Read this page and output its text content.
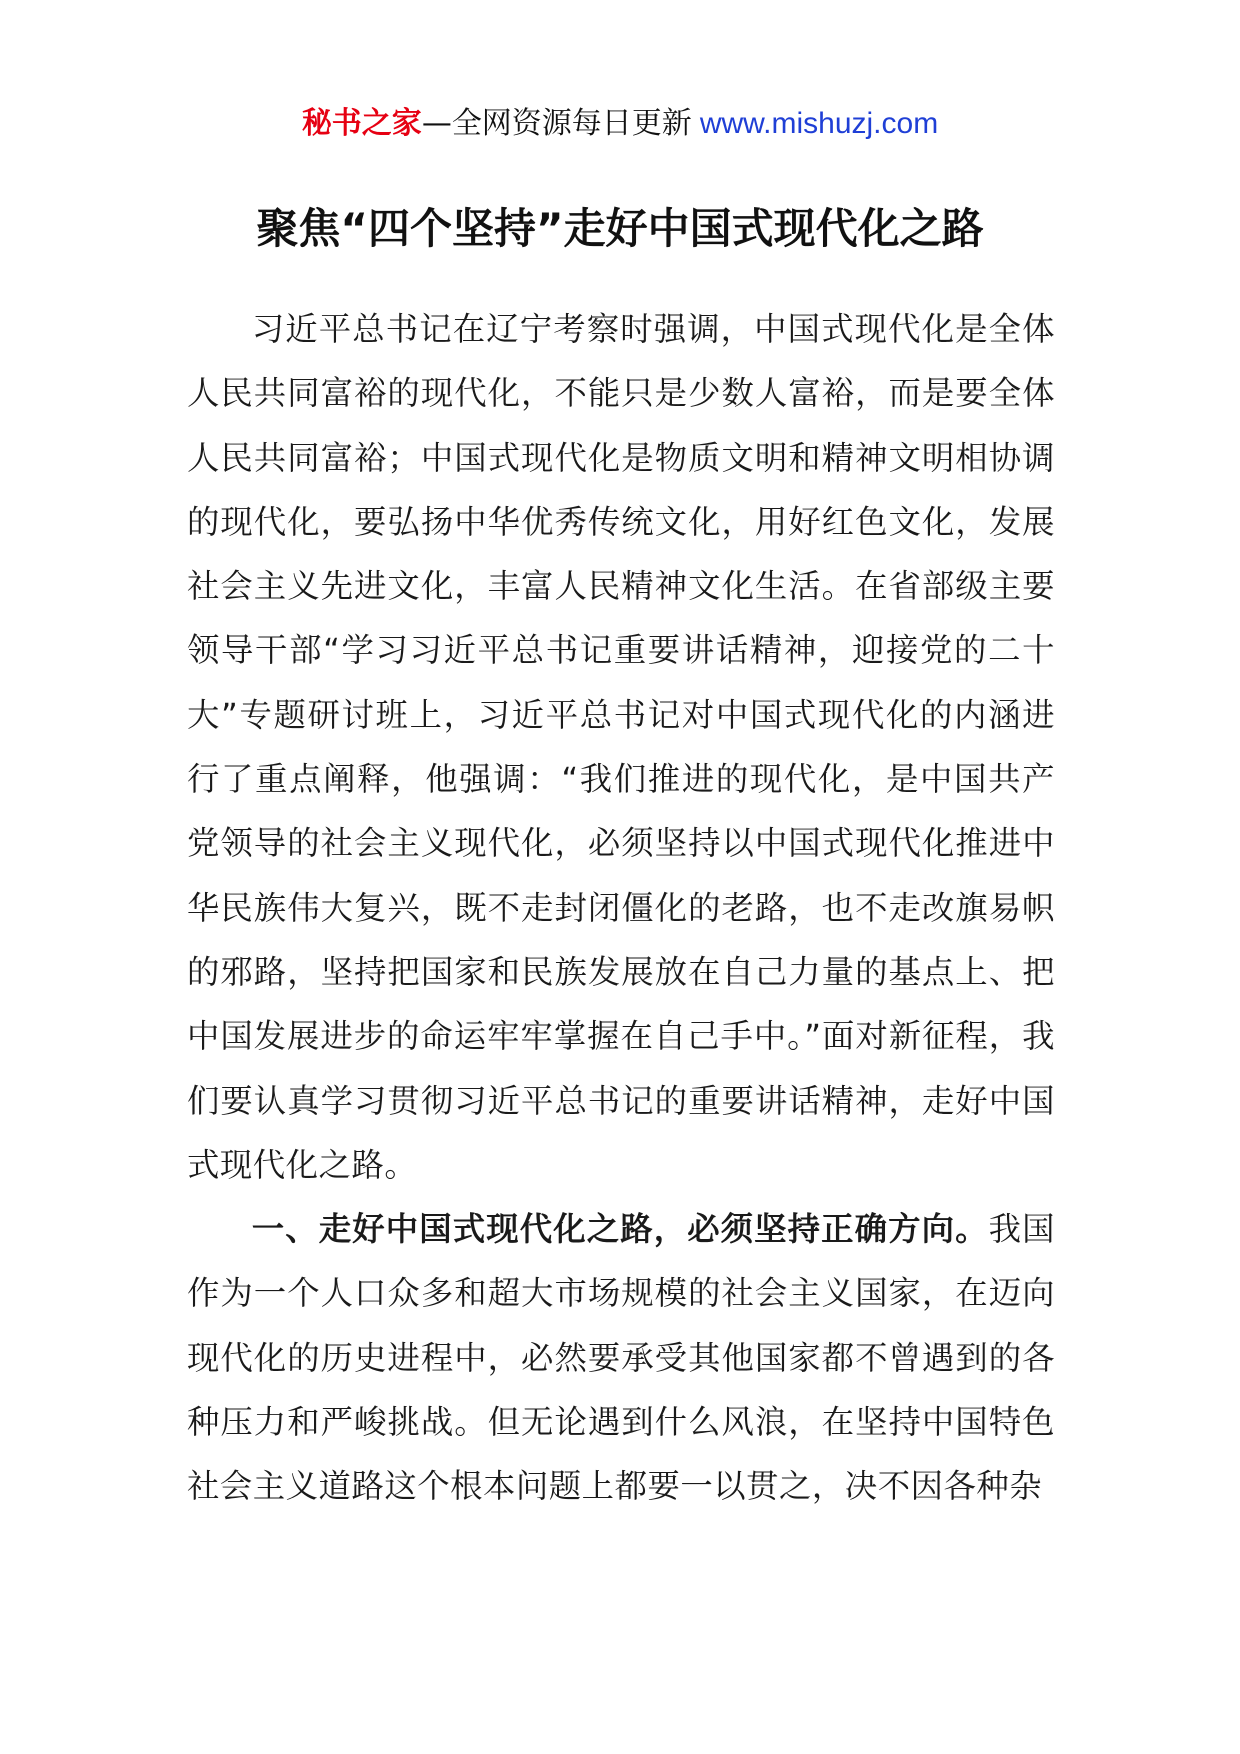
秘书之家—全网资源每日更新 www.mishuzj.com
聚焦“四个坚持”走好中国式现代化之路

习近平总书记在辽宁考察时强调，中国式现代化是全体人民共同富裕的现代化，不能只是少数人富裕，而是要全体人民共同富裕；中国式现代化是物质文明和精神文明相协调的现代化，要弘扬中华优秀传统文化，用好红色文化，发展社会主义先进文化，丰富人民精神文化生活。在省部级主要领导干部“学习习近平总书记重要讲话精神，迎接党的二十大”专题研讨班上，习近平总书记对中国式现代化的内涵进行了重点阐释，他强调：“我们推进的现代化，是中国共产党领导的社会主义现代化，必须坚持以中国式现代化推进中华民族伟大复兴，既不走封闭僵化的老路，也不走改旗易帜的邪路，坚持把国家和民族发展放在自己力量的基点上、把中国发展进步的命运牢牢掌握在自己手中。”面对新征程，我们要认真学习贯彻习近平总书记的重要讲话精神，走好中国式现代化之路。

一、走好中国式现代化之路，必须坚持正确方向。我国作为一个人口众多和超大市场规模的社会主义国家，在迈向现代化的历史进程中，必然要承受其他国家都不曾遇到的各种压力和严峻挑战。但无论遇到什么风浪，在坚持中国特色社会主义道路这个根本问题上都要一以贯之，决不因各种杂
